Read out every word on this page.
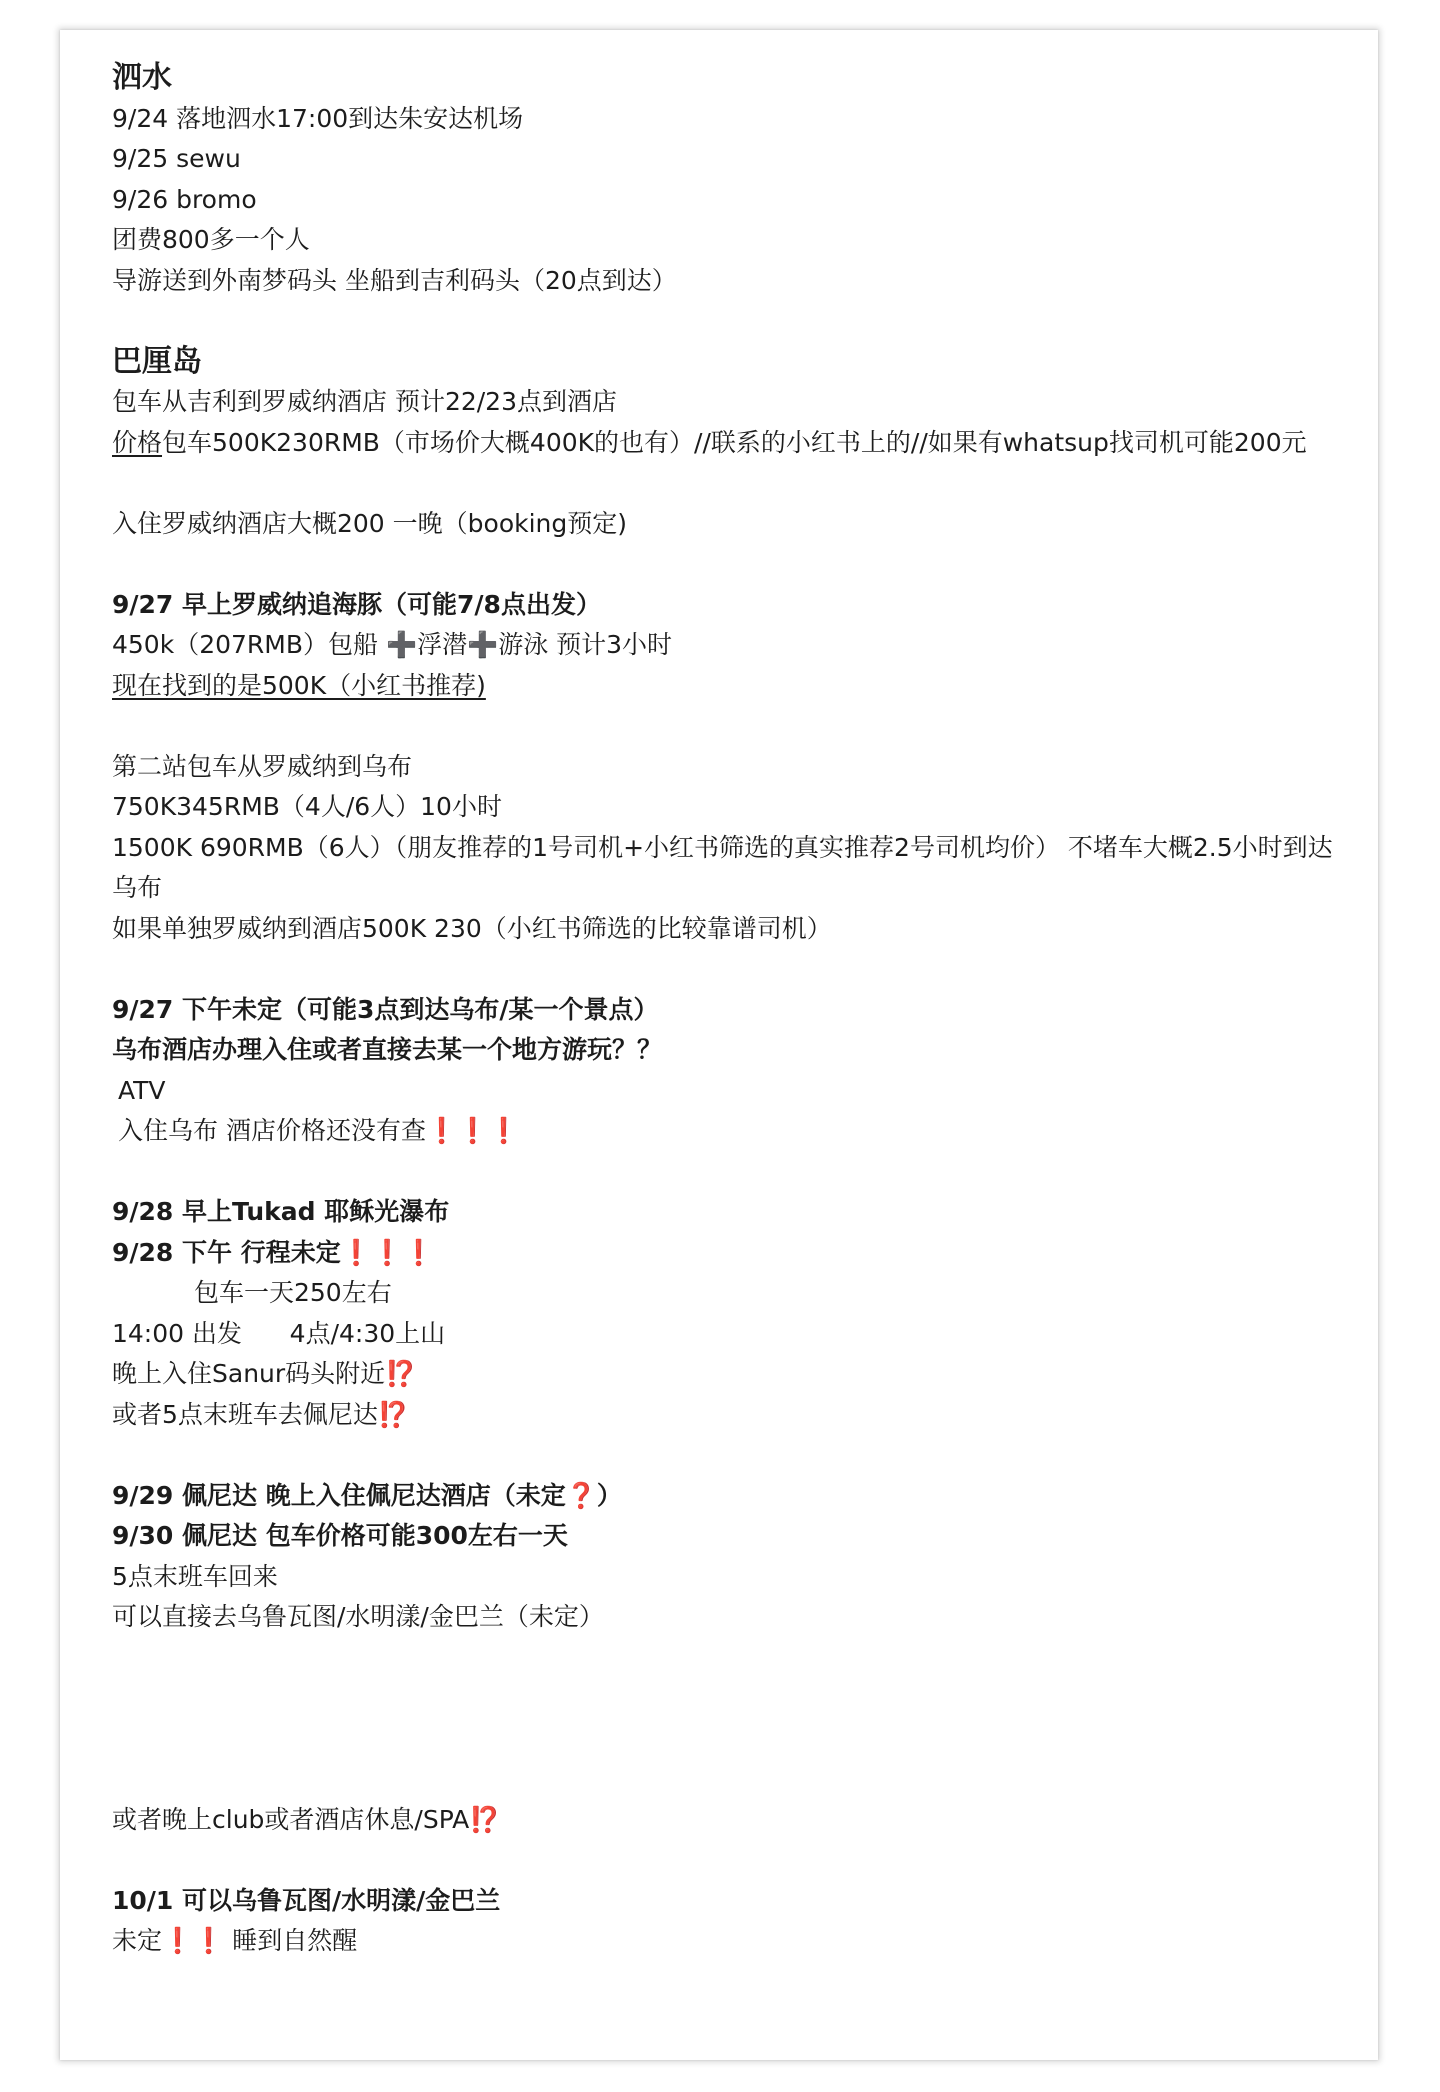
泗水
9/24 落地泗水17:00到达朱安达机场
9/25 sewu
9/26 bromo
团费800多一个人
导游送到外南梦码头 坐船到吉利码头（20点到达）
巴厘岛
包车从吉利到罗威纳酒店 预计22/23点到酒店
价格包车500K230RMB（市场价大概400K的也有）//联系的小红书上的//如果有whatsup找司机可能200元
入住罗威纳酒店大概200 一晚（booking预定)
9/27 早上罗威纳追海豚（可能7/8点出发）
450k（207RMB）包船 ➕浮潜➕游泳 预计3小时
现在找到的是500K（小红书推荐)
第二站包车从罗威纳到乌布
750K345RMB（4人/6人）10小时
1500K 690RMB（6人）（朋友推荐的1号司机+小红书筛选的真实推荐2号司机均价） 不堵车大概2.5小时到达乌布
如果单独罗威纳到酒店500K 230（小红书筛选的比较靠谱司机）
9/27 下午未定（可能3点到达乌布/某一个景点）
乌布酒店办理入住或者直接去某一个地方游玩？？
ATV
入住乌布 酒店价格还没有查❗️❗️❗️
9/28 早上Tukad 耶稣光瀑布
9/28 下午 行程未定❗️❗️❗️
包车一天250左右
14:00 出发      4点/4:30上山
晚上入住Sanur码头附近⁉️
或者5点末班车去佩尼达⁉️
9/29 佩尼达 晚上入住佩尼达酒店（未定❓）
9/30 佩尼达 包车价格可能300左右一天
5点末班车回来
可以直接去乌鲁瓦图/水明漾/金巴兰（未定）
或者晚上club或者酒店休息/SPA⁉️
10/1 可以乌鲁瓦图/水明漾/金巴兰
未定❗️❗️ 睡到自然醒
